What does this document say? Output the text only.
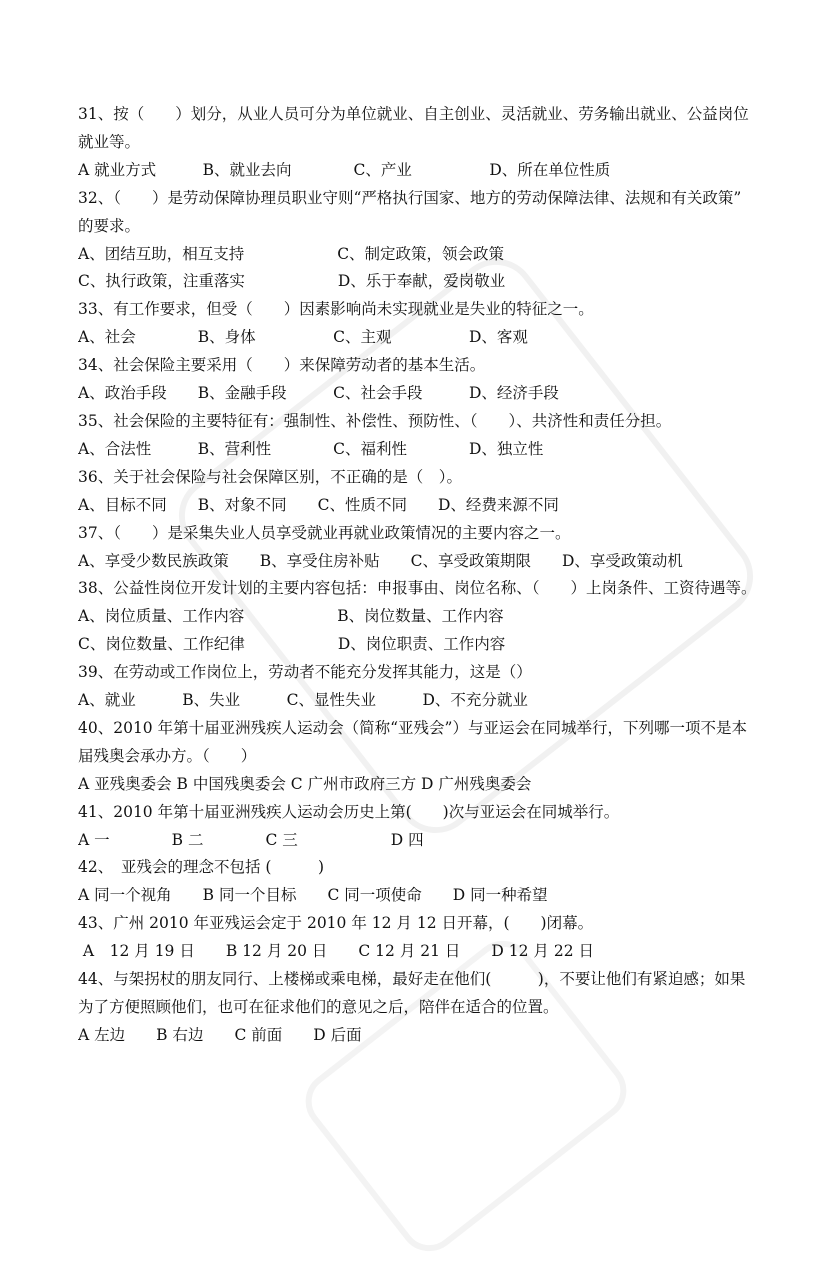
31、按（　　）划分，从业人员可分为单位就业、自主创业、灵活就业、劳务输出就业、公益岗位就业等。

A 就业方式　　　B、就业去向　　　　C、产业　　　　　D、所在单位性质

32、（　　）是劳动保障协理员职业守则“严格执行国家、地方的劳动保障法律、法规和有关政策” 的要求。

A、团结互助，相互支持　　　　　　C、制定政策，领会政策

C、执行政策，注重落实　　　　　　D、乐于奉献，爱岗敬业

33、有工作要求，但受（　　）因素影响尚未实现就业是失业的特征之一。

A、社会　　　　B、身体　　　　　C、主观　　　　　D、客观

34、社会保险主要采用（　　）来保障劳动者的基本生活。

A、政治手段　　B、金融手段　　　C、社会手段　　　D、经济手段

35、社会保险的主要特征有：强制性、补偿性、预防性、（　　）、共济性和责任分担。

A、合法性　　　B、营利性　　　　C、福利性　　　　D、独立性

36、关于社会保险与社会保障区别，不正确的是（　）。

A、目标不同　　B、对象不同　　C、性质不同　　D、经费来源不同

37、（　　）是采集失业人员享受就业再就业政策情况的主要内容之一。

A、享受少数民族政策　　B、享受住房补贴　　C、享受政策期限　　D、享受政策动机

38、公益性岗位开发计划的主要内容包括：申报事由、岗位名称、（　　）上岗条件、工资待遇等。

A、岗位质量、工作内容　　　　　　B、岗位数量、工作内容

C、岗位数量、工作纪律　　　　　　D、岗位职责、工作内容

39、在劳动或工作岗位上，劳动者不能充分发挥其能力，这是（）

A、就业　　　B、失业　　　C、显性失业　　　D、不充分就业

40、2010 年第十届亚洲残疾人运动会（简称“亚残会”）与亚运会在同城举行，下列哪一项不是本届残奥会承办方。（　　）

A 亚残奥委会 B 中国残奥委会 C 广州市政府三方 D 广州残奥委会

41、2010 年第十届亚洲残疾人运动会历史上第(　　)次与亚运会在同城举行。

A 一　　　　B 二　　　　C 三　　　　　　D 四

42、　亚残会的理念不包括 (　　　)

A 同一个视角　　B 同一个目标　　C 同一项使命　　D 同一种希望

43、广州 2010 年亚残运会定于 2010 年 12 月 12 日开幕，(　　)闭幕。

A　12 月 19 日　　B 12 月 20 日　　C 12 月 21 日　　D 12 月 22 日

44、与架拐杖的朋友同行、上楼梯或乘电梯，最好走在他们(　　　)，不要让他们有紧迫感；如果为了方便照顾他们，也可在征求他们的意见之后，陪伴在适合的位置。

A 左边　　B 右边　　C 前面　　D 后面
